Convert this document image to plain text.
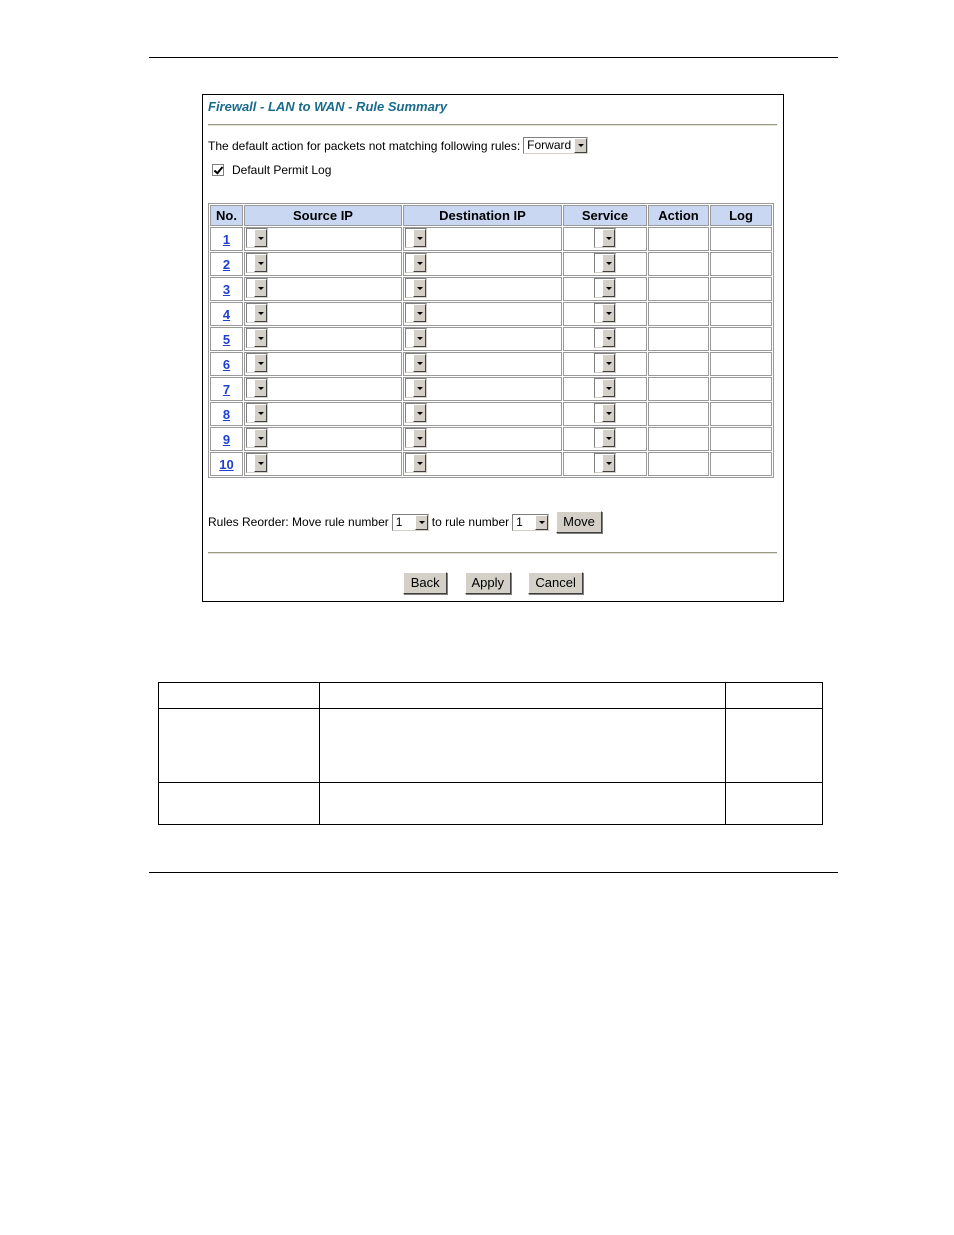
Firewall - LAN to WAN - Rule Summary
The default action for packets not matching following rules: Forward
Default Permit Log
No.	Source IP	Destination IP	Service	Action	Log
1	

2	

3	

4	

5	

6	

7	

8	

9	

10	

Rules Reorder: Move rule number 1	to rule number 1	Move
Back Apply Cancel
